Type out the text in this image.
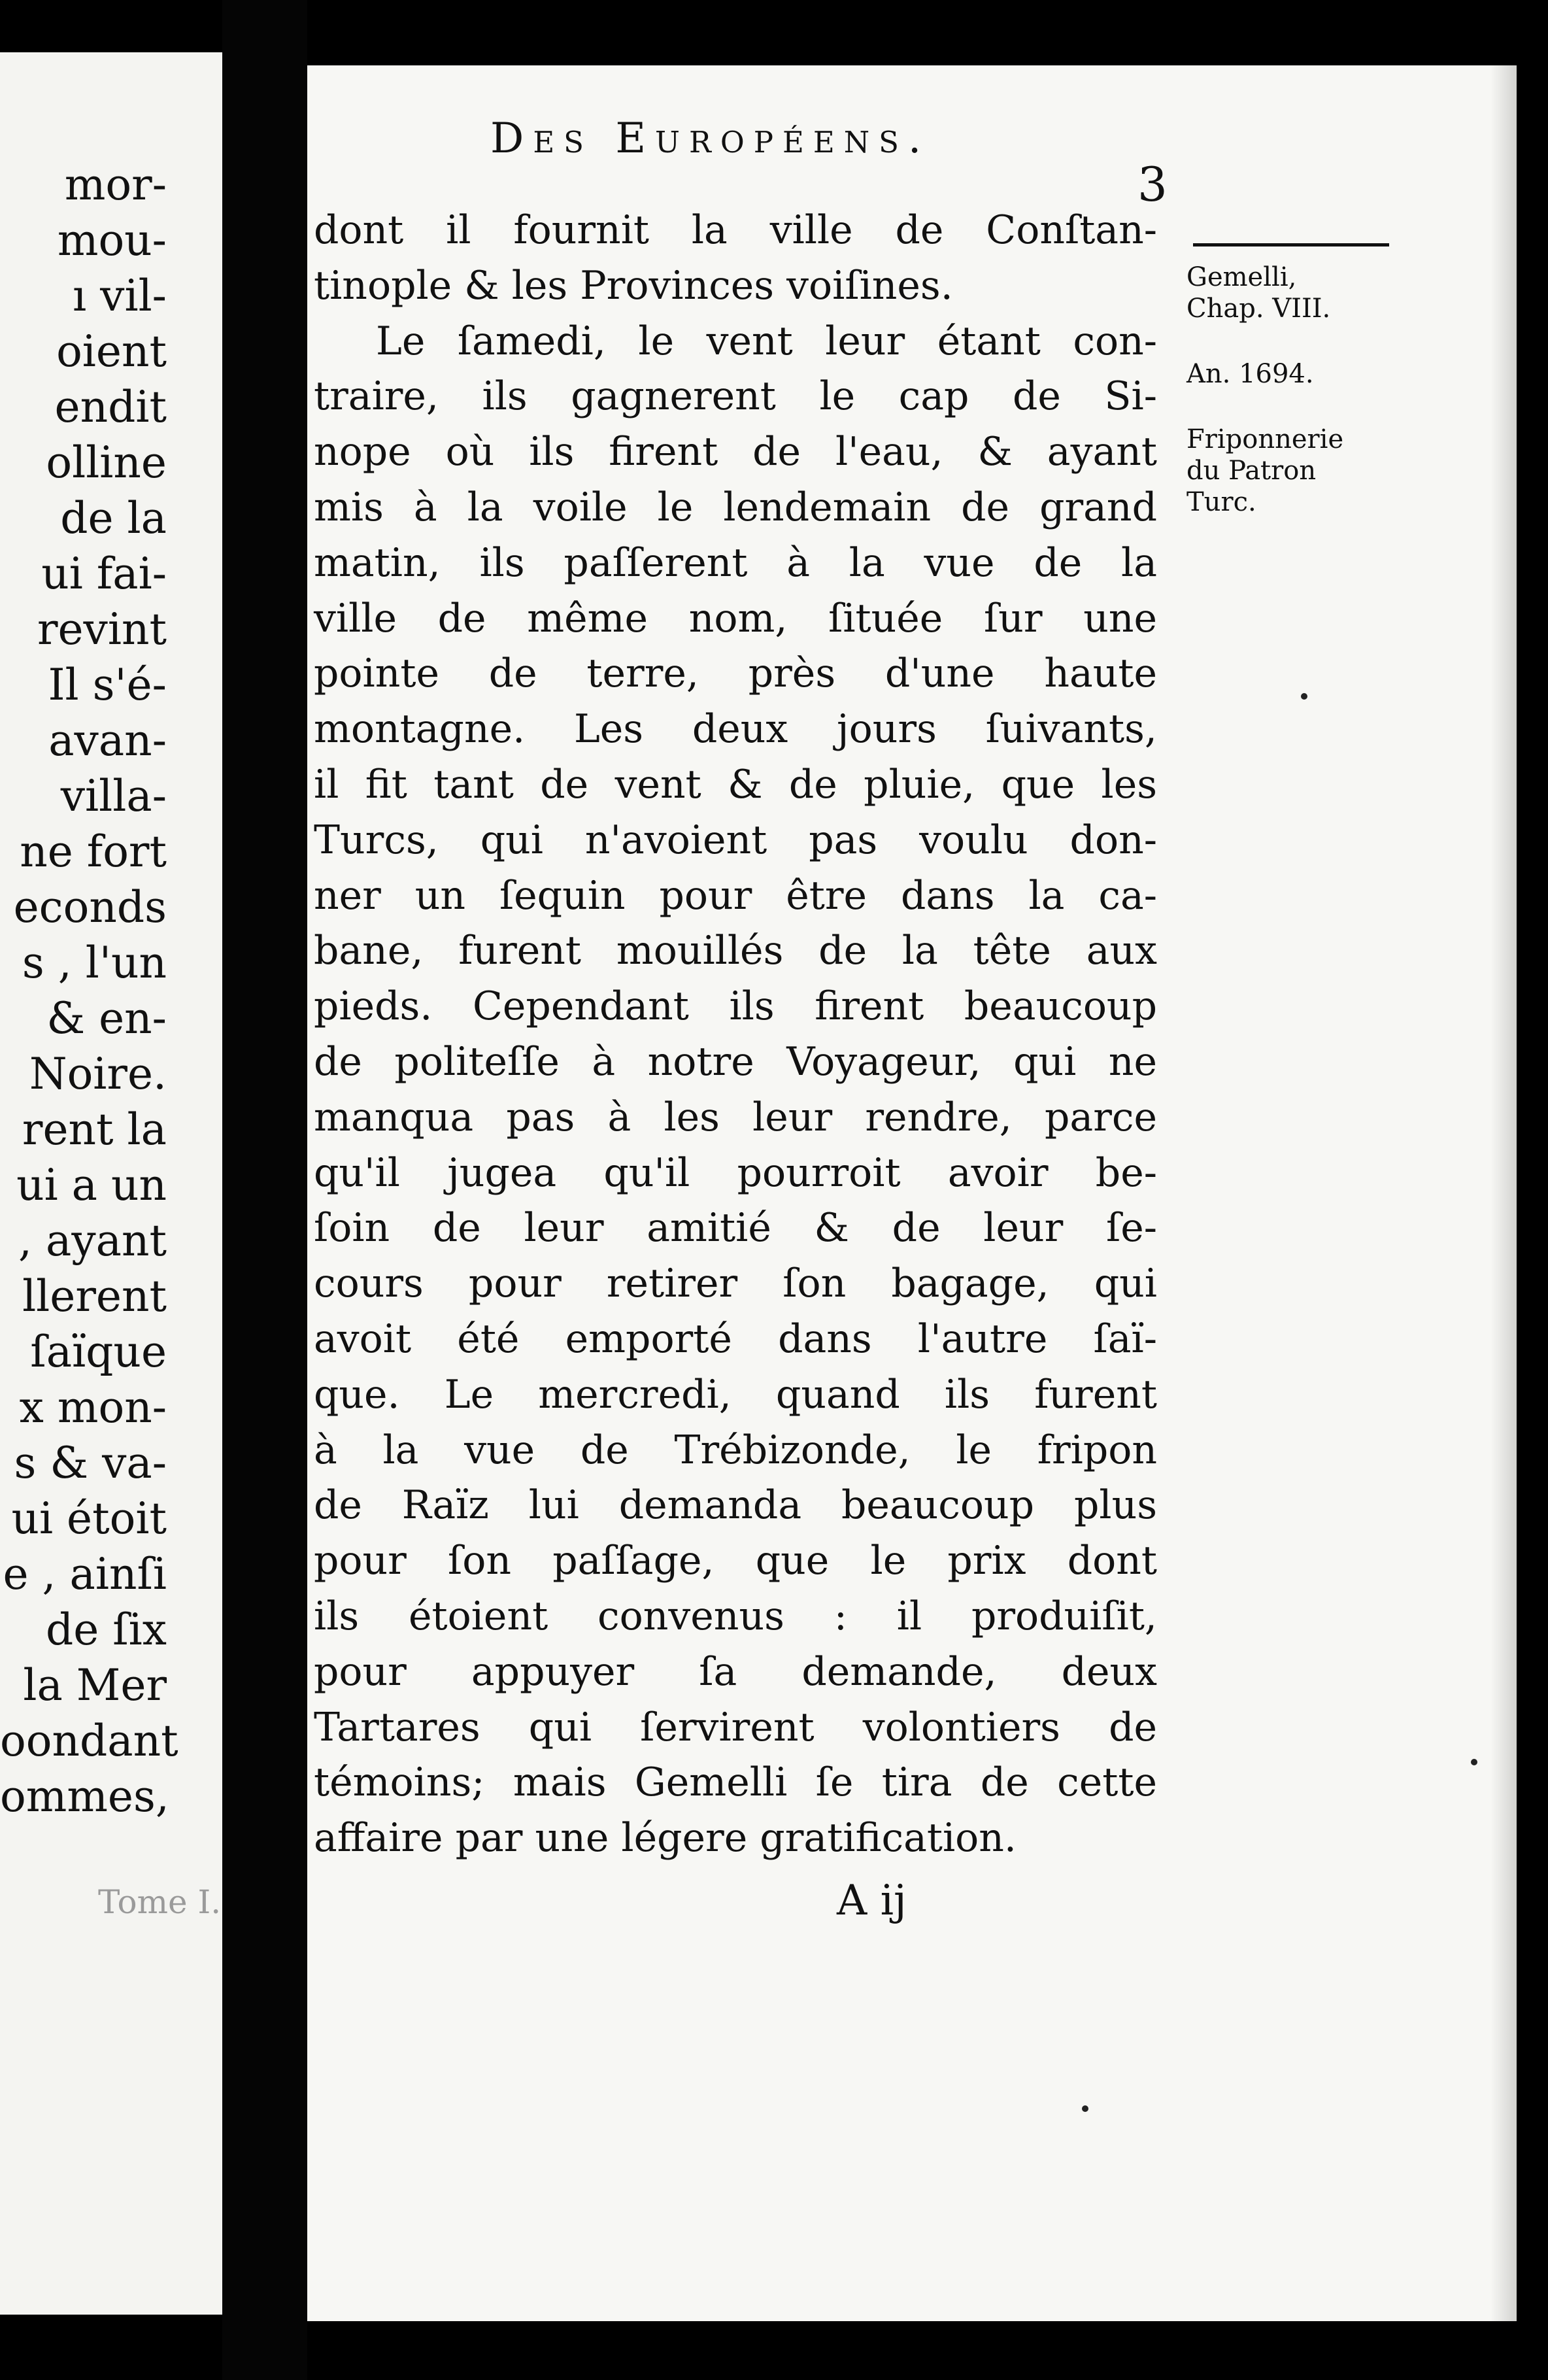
mor-
mou-
ı vil-
oient
endit
olline
de la
ui fai-
revint
Il s'é-
avan-
villa-
ne fort
econds
s , l'un
& en-
Noire.
rent la
ui a un
, ayant
llerent
ſaïque
x mon-
s & va-
ui étoit
e , ainſi
de ſix
la Mer
oondant
ommes,
Tome I.
Des Européens.
3
dont il fournit la ville de Conſtan-
tinople & les Provinces voiſines.
Le ſamedi, le vent leur étant con-
traire, ils gagnerent le cap de Si-
nope où ils firent de l'eau, & ayant
mis à la voile le lendemain de grand
matin, ils paſſerent à la vue de la
ville de même nom, ſituée ſur une
pointe de terre, près d'une haute
montagne. Les deux jours ſuivants,
il fit tant de vent & de pluie, que les
Turcs, qui n'avoient pas voulu don-
ner un ſequin pour être dans la ca-
bane, furent mouillés de la tête aux
pieds. Cependant ils firent beaucoup
de politeſſe à notre Voyageur, qui ne
manqua pas à les leur rendre, parce
qu'il jugea qu'il pourroit avoir be-
ſoin de leur amitié & de leur ſe-
cours pour retirer ſon bagage, qui
avoit été emporté dans l'autre ſaï-
que. Le mercredi, quand ils furent
à la vue de Trébizonde, le fripon
de Raïz lui demanda beaucoup plus
pour ſon paſſage, que le prix dont
ils étoient convenus : il produiſit,
pour appuyer ſa demande, deux
Tartares qui ſervirent volontiers de
témoins; mais Gemelli ſe tira de cette
affaire par une légere gratification.
A ij
Gemelli,
Chap. VIII.
An. 1694.
Friponnerie
du Patron
Turc.
